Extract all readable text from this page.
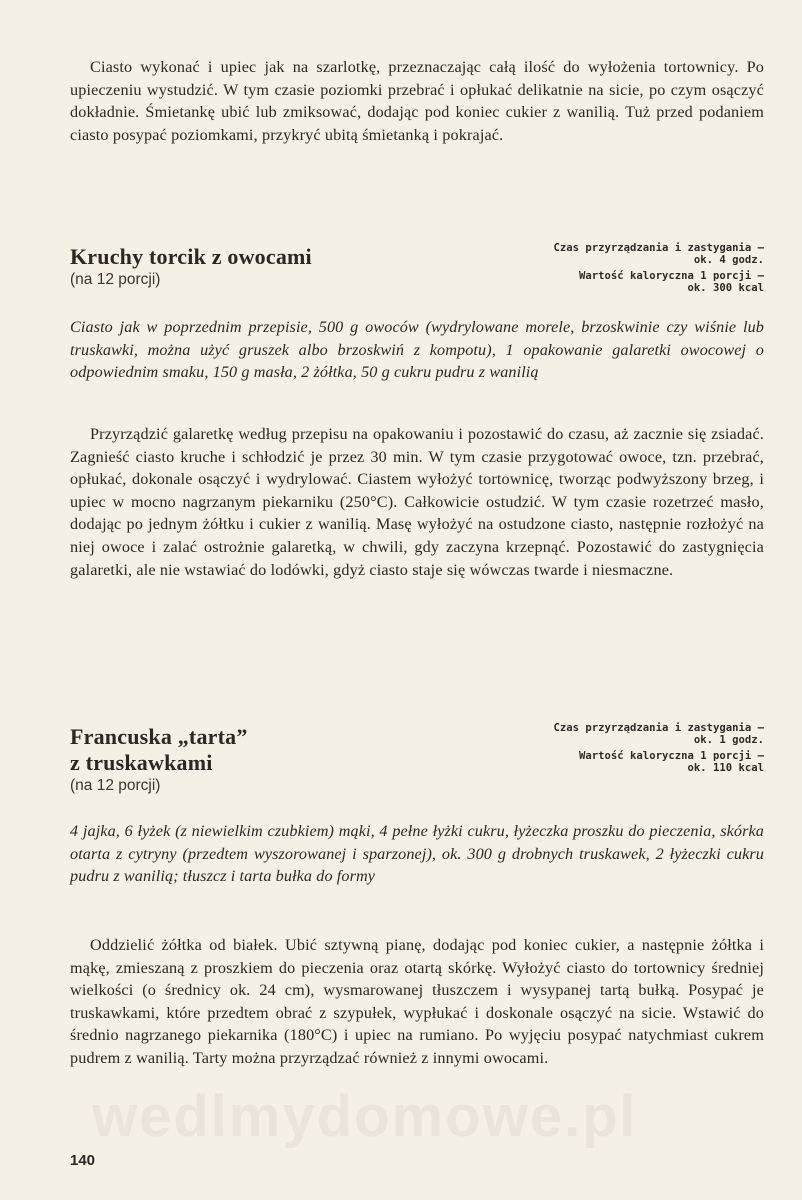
Ciasto wykonać i upiec jak na szarlotkę, przeznaczając całą ilość do wyłożenia tortownicy. Po upieczeniu wystudzić. W tym czasie poziomki przebrać i opłukać delikatnie na sicie, po czym osączyć dokładnie. Śmietankę ubić lub zmiksować, dodając pod koniec cukier z wanilią. Tuż przed podaniem ciasto posypać poziomkami, przykryć ubitą śmietanką i pokrajać.

Kruchy torcik z owocami

(na 12 porcji)

Czas przyrządzania i zastygania —
ok. 4 godz.
Wartość kaloryczna 1 porcji —
ok. 300 kcal

Ciasto jak w poprzednim przepisie, 500 g owoców (wydrylowane morele, brzoskwinie czy wiśnie lub truskawki, można użyć gruszek albo brzoskwiń z kompotu), 1 opakowanie galaretki owocowej o odpowiednim smaku, 150 g masła, 2 żółtka, 50 g cukru pudru z wanilią

Przyrządzić galaretkę według przepisu na opakowaniu i pozostawić do czasu, aż zacznie się zsiadać. Zagnieść ciasto kruche i schłodzić je przez 30 min. W tym czasie przygotować owoce, tzn. przebrać, opłukać, dokonale osączyć i wydrylować. Ciastem wyłożyć tortownicę, tworząc podwyższony brzeg, i upiec w mocno nagrzanym piekarniku (250°C). Całkowicie ostudzić. W tym czasie rozetrzeć masło, dodając po jednym żółtku i cukier z wanilią. Masę wyłożyć na ostudzone ciasto, następnie rozłożyć na niej owoce i zalać ostrożnie galaretką, w chwili, gdy zaczyna krzepnąć. Pozostawić do zastygnięcia galaretki, ale nie wstawiać do lodówki, gdyż ciasto staje się wówczas twarde i niesmaczne.

Francuska „tarta”
z truskawkami

(na 12 porcji)

Czas przyrządzania i zastygania —
ok. 1 godz.
Wartość kaloryczna 1 porcji —
ok. 110 kcal

4 jajka, 6 łyżek (z niewielkim czubkiem) mąki, 4 pełne łyżki cukru, łyżeczka proszku do pieczenia, skórka otarta z cytryny (przedtem wyszorowanej i sparzonej), ok. 300 g drobnych truskawek, 2 łyżeczki cukru pudru z wanilią; tłuszcz i tarta bułka do formy

Oddzielić żółtka od białek. Ubić sztywną pianę, dodając pod koniec cukier, a następnie żółtka i mąkę, zmieszaną z proszkiem do pieczenia oraz otartą skórkę. Wyłożyć ciasto do tortownicy średniej wielkości (o średnicy ok. 24 cm), wysmarowanej tłuszczem i wysypanej tartą bułką. Posypać je truskawkami, które przedtem obrać z szypułek, wypłukać i doskonale osączyć na sicie. Wstawić do średnio nagrzanego piekarnika (180°C) i upiec na rumiano. Po wyjęciu posypać natychmiast cukrem pudrem z wanilią. Tarty można przyrządzać również z innymi owocami.

wedlmydomowe.pl
140
